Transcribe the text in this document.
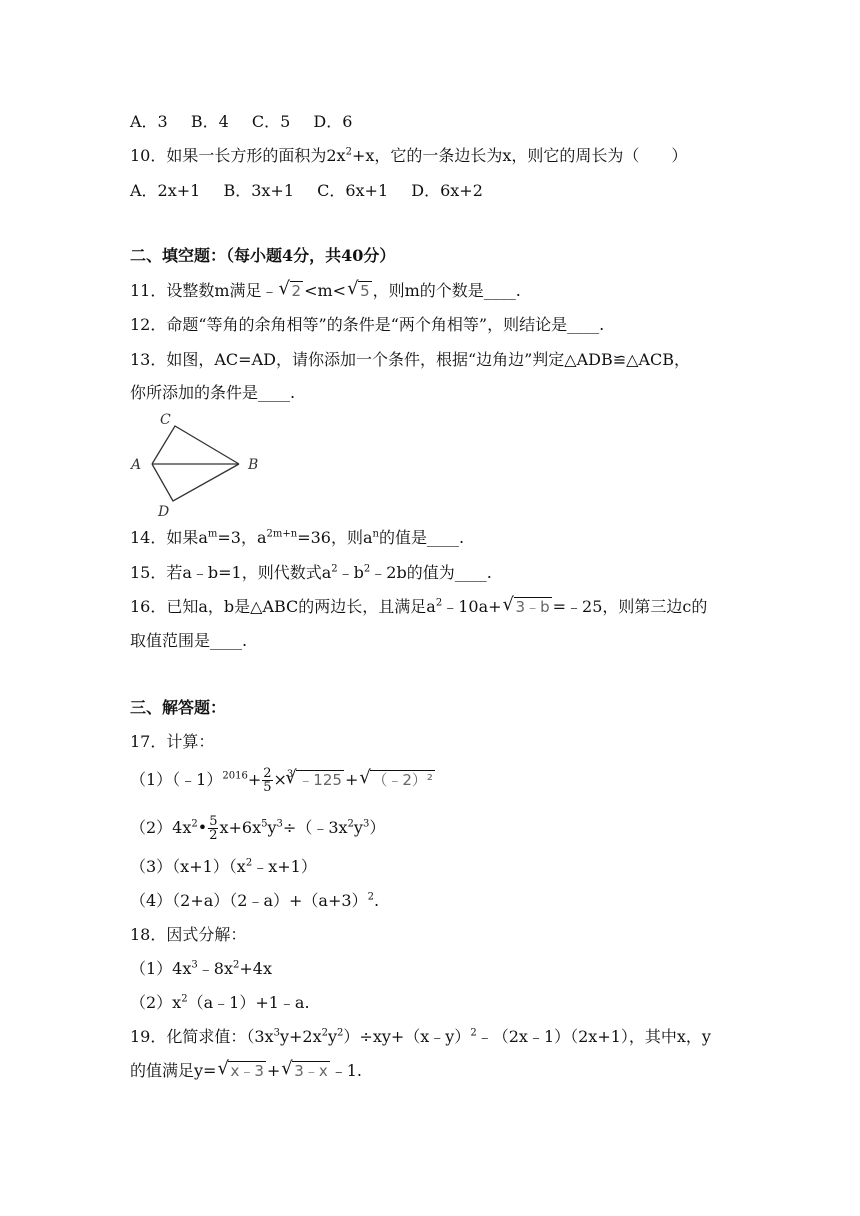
A．3 B．4 C．5 D．6
10．如果一长方形的面积为$2x^2+x$，它的一条边长为x，则它的周长为（　　）
A．2x+1 B．3x+1 C．6x+1 D．6x+2
二、填空题：（每小题4分，共40分）
11．设整数m满足﹣√ 2 <m<√ 5 ，则m的个数是____.
12．命题“等角的余角相等”的条件是“两个角相等”，则结论是____.
13．如图，AC=AD，请你添加一个条件，根据“边角边”判定△ADB≌△ACB，
你所添加的条件是____.
C
A	B
D
14．如果$a^m=3$，$a^{2m+n}=36$，则$a^n$的值是____.
15．若a﹣b=1，则代数式$a^2﹣b^2﹣2b$的值为____.
16．已知a，b是△ABC的两边长，且满足$a^2﹣10a+√$ 3﹣b =﹣25，则第三边c的
取值范围是____.
三、解答题：
17．计算：
（1）（﹣1）$^{2016}$+ $\frac{2}{5} \times^3√$ ﹣125 +√ （﹣2）²
$(2)4x^2• \frac{5}{2}$ $x+6x^5y^3\div(﹣3x^2y^3)$
$(3)(x+1)(x^2﹣x+1)$
$(4)(2+a)(2﹣a)+(a+3)^2$.
18．因式分解：
$(1)4x^3﹣8x^2+4x$
$(2)x^2(a﹣1)+1﹣a$.
19．化简求值：$(3x^3y+2x^2y^2)\div xy+(x﹣y)^2﹣(2x﹣1)(2x+1)$，其中x，y
的值满足y=√ x﹣3 +√ 3﹣x ﹣1.
